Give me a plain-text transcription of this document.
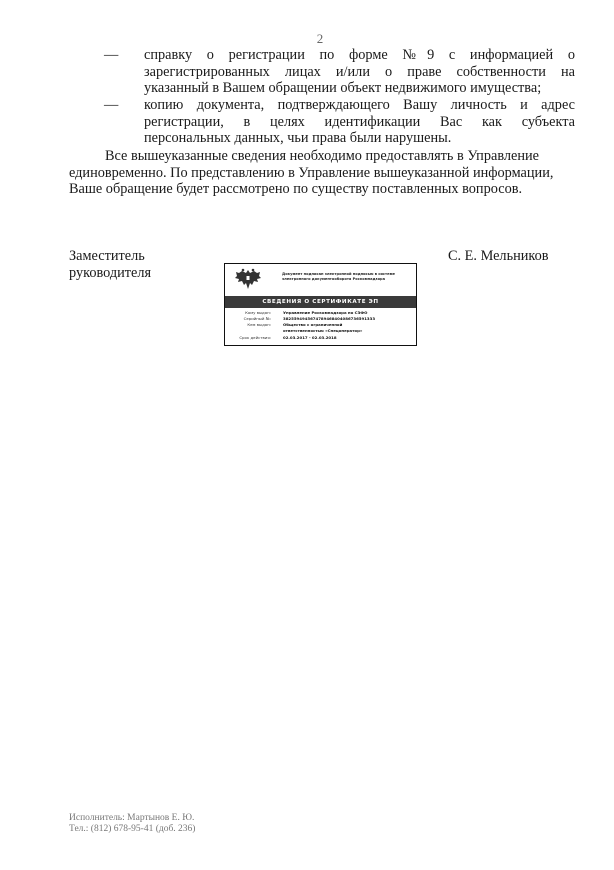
2
— справку о регистрации по форме №9 с информацией о
зарегистрированных лицах и/или о праве собственности на
указанный в Вашем обращении объект недвижимого имущества;
— копию документа, подтверждающего Вашу личность и адрес
регистрации, в целях идентификации Вас как субъекта
персональных данных, чьи права были нарушены.
Все вышеуказанные сведения необходимо предоставлять в Управление
единовременно. По представлению в Управление вышеуказанной информации,
Ваше обращение будет рассмотрено по существу поставленных вопросов.
Заместитель
руководителя
С. Е. Мельников
Документ подписан электронной подписью в системе
электронного документооборота Роскомнадзора
СВЕДЕНИЯ О СЕРТИФИКАТЕ ЭП
Кому выдан:	Управление Роскомнадзора по СЗФО
Серийный №:	3825594945674789468404086736591333
Кем выдан:	Общество с ограниченной
ответственностью «Спецоператор»
Срок действия:	02.03.2017 - 02.03.2018
Исполнитель: Мартынов Е. Ю.
Тел.: (812) 678-95-41 (доб. 236)
